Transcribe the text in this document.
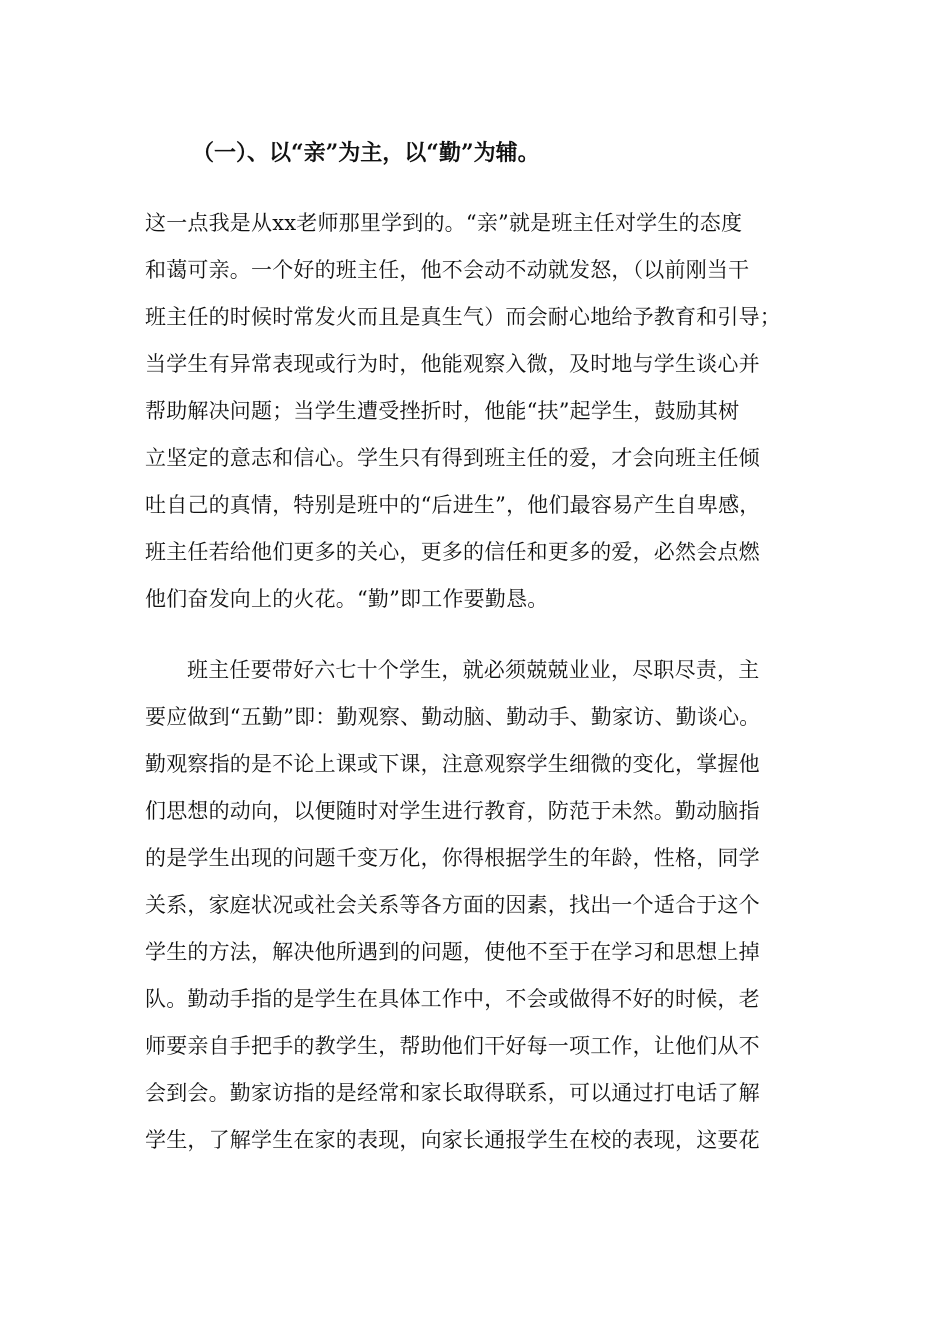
（一）、以“亲”为主，以“勤”为辅。
这一点我是从xx老师那里学到的。“亲”就是班主任对学生的态度
和蔼可亲。一个好的班主任，他不会动不动就发怒，（以前刚当干
班主任的时候时常发火而且是真生气）而会耐心地给予教育和引导；
当学生有异常表现或行为时，他能观察入微，及时地与学生谈心并
帮助解决问题；当学生遭受挫折时，他能“扶”起学生，鼓励其树
立坚定的意志和信心。学生只有得到班主任的爱，才会向班主任倾
吐自己的真情，特别是班中的“后进生”，他们最容易产生自卑感，
班主任若给他们更多的关心，更多的信任和更多的爱，必然会点燃
他们奋发向上的火花。“勤”即工作要勤恳。
班主任要带好六七十个学生，就必须兢兢业业，尽职尽责，主
要应做到“五勤”即：勤观察、勤动脑、勤动手、勤家访、勤谈心。
勤观察指的是不论上课或下课，注意观察学生细微的变化，掌握他
们思想的动向，以便随时对学生进行教育，防范于未然。勤动脑指
的是学生出现的问题千变万化，你得根据学生的年龄，性格，同学
关系，家庭状况或社会关系等各方面的因素，找出一个适合于这个
学生的方法，解决他所遇到的问题，使他不至于在学习和思想上掉
队。勤动手指的是学生在具体工作中，不会或做得不好的时候，老
师要亲自手把手的教学生，帮助他们干好每一项工作，让他们从不
会到会。勤家访指的是经常和家长取得联系，可以通过打电话了解
学生，了解学生在家的表现，向家长通报学生在校的表现，这要花
